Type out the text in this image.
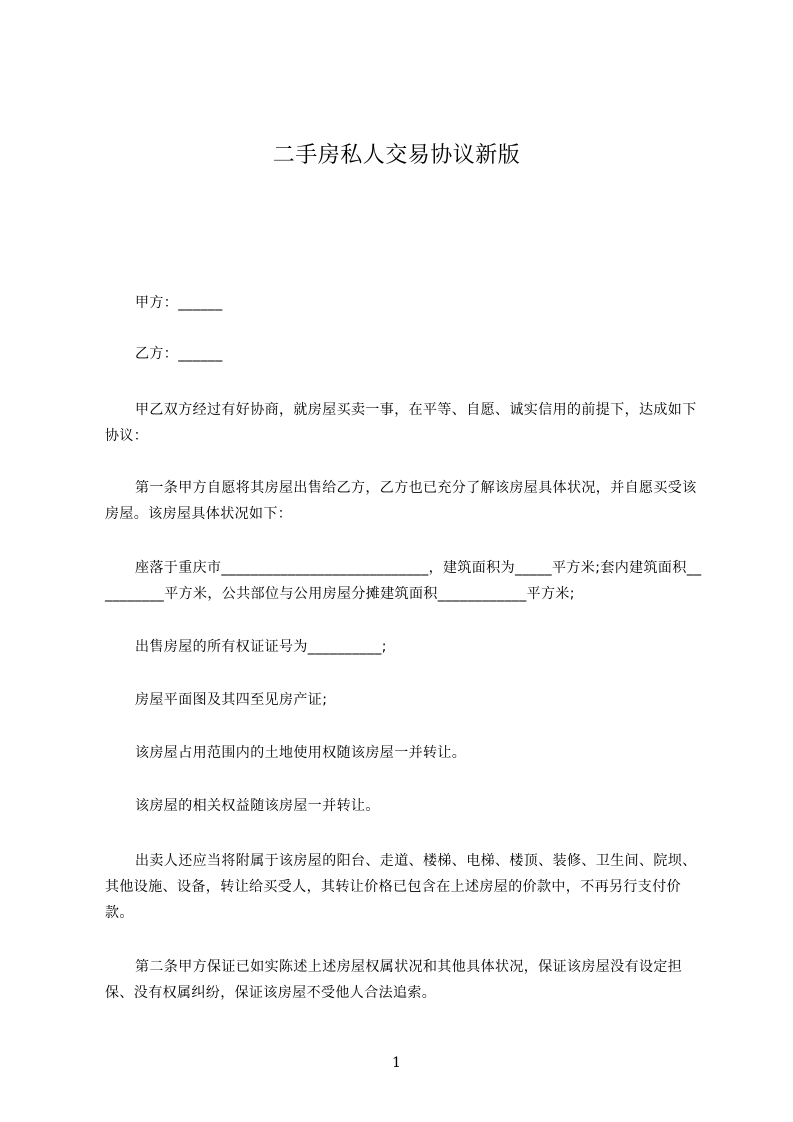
二手房私人交易协议新版
甲方：______
乙方：______
甲乙双方经过有好协商，就房屋买卖一事，在平等、自愿、诚实信用的前提下，达成如下协议：
第一条甲方自愿将其房屋出售给乙方，乙方也已充分了解该房屋具体状况，并自愿买受该房屋。该房屋具体状况如下：
座落于重庆市____________________________，建筑面积为_____平方米;套内建筑面积__________平方米，公共部位与公用房屋分摊建筑面积____________平方米;
出售房屋的所有权证证号为__________;
房屋平面图及其四至见房产证;
该房屋占用范围内的土地使用权随该房屋一并转让。
该房屋的相关权益随该房屋一并转让。
出卖人还应当将附属于该房屋的阳台、走道、楼梯、电梯、楼顶、装修、卫生间、院坝、其他设施、设备，转让给买受人，其转让价格已包含在上述房屋的价款中，不再另行支付价款。
第二条甲方保证已如实陈述上述房屋权属状况和其他具体状况，保证该房屋没有设定担保、没有权属纠纷，保证该房屋不受他人合法追索。
1
